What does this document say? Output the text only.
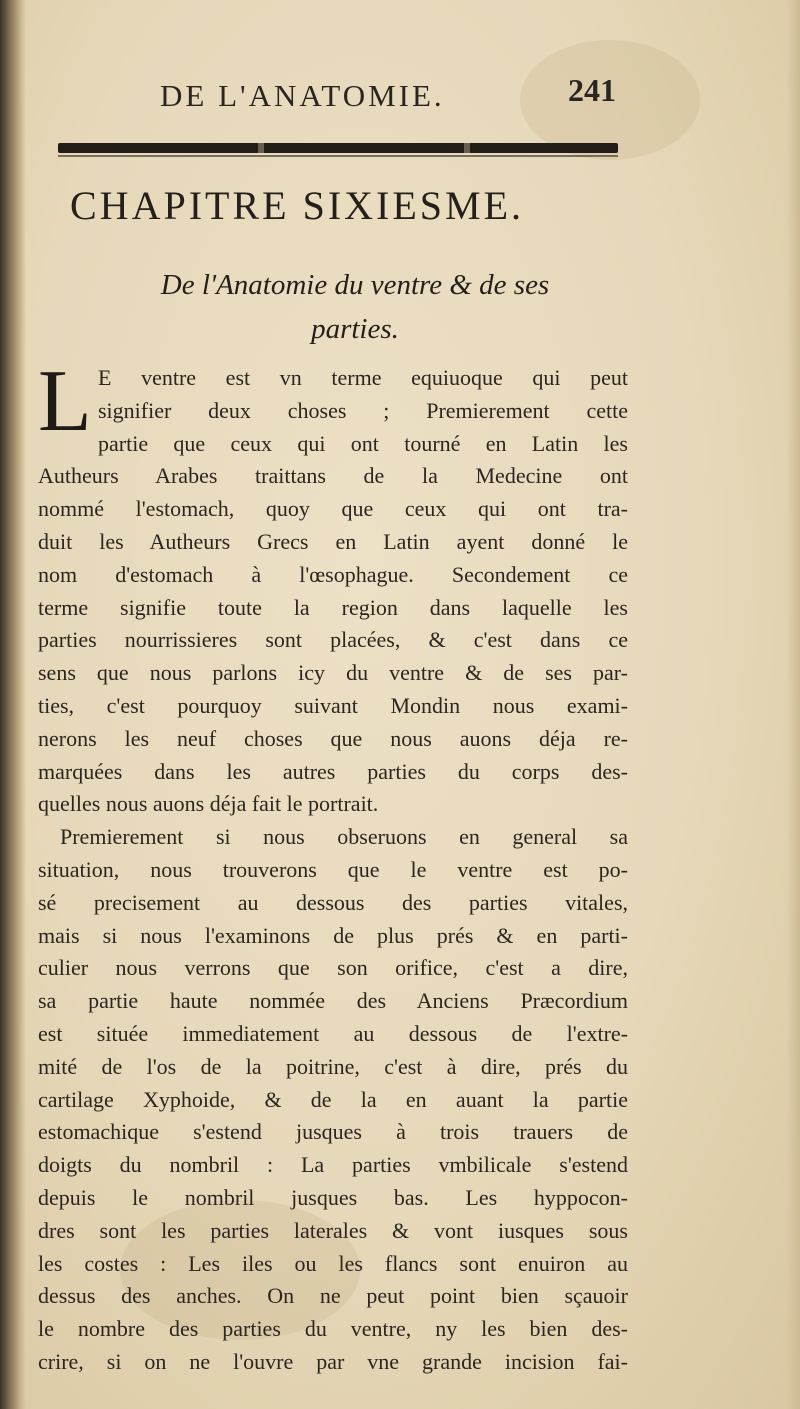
DE L'ANATOMIE.	241
CHAPITRE SIXIESME.
De l'Anatomie du ventre & de ses
parties.
L E ventre est vn terme equiuoque qui peut
signifier deux choses ; Premierement cette
partie que ceux qui ont tourné en Latin les
Autheurs Arabes traittans de la Medecine ont
nommé l'estomach, quoy que ceux qui ont tra-
duit les Autheurs Grecs en Latin ayent donné le
nom d'estomach à l'œsophague. Secondement ce
terme signifie toute la region dans laquelle les
parties nourrissieres sont placées, & c'est dans ce
sens que nous parlons icy du ventre & de ses par-
ties, c'est pourquoy suivant Mondin nous exami-
nerons les neuf choses que nous auons déja re-
marquées dans les autres parties du corps des-
quelles nous auons déja fait le portrait.
Premierement si nous obseruons en general sa
situation, nous trouverons que le ventre est po-
sé precisement au dessous des parties vitales,
mais si nous l'examinons de plus prés & en parti-
culier nous verrons que son orifice, c'est a dire,
sa partie haute nommée des Anciens Præcordium
est située immediatement au dessous de l'extre-
mité de l'os de la poitrine, c'est à dire, prés du
cartilage Xyphoide, & de la en auant la partie
estomachique s'estend jusques à trois trauers de
doigts du nombril : La parties vmbilicale s'estend
depuis le nombril jusques bas. Les hyppocon-
dres sont les parties laterales & vont iusques sous
les costes : Les iles ou les flancs sont enuiron au
dessus des anches. On ne peut point bien sçauoir
le nombre des parties du ventre, ny les bien des-
crire, si on ne l'ouvre par vne grande incision fai-
